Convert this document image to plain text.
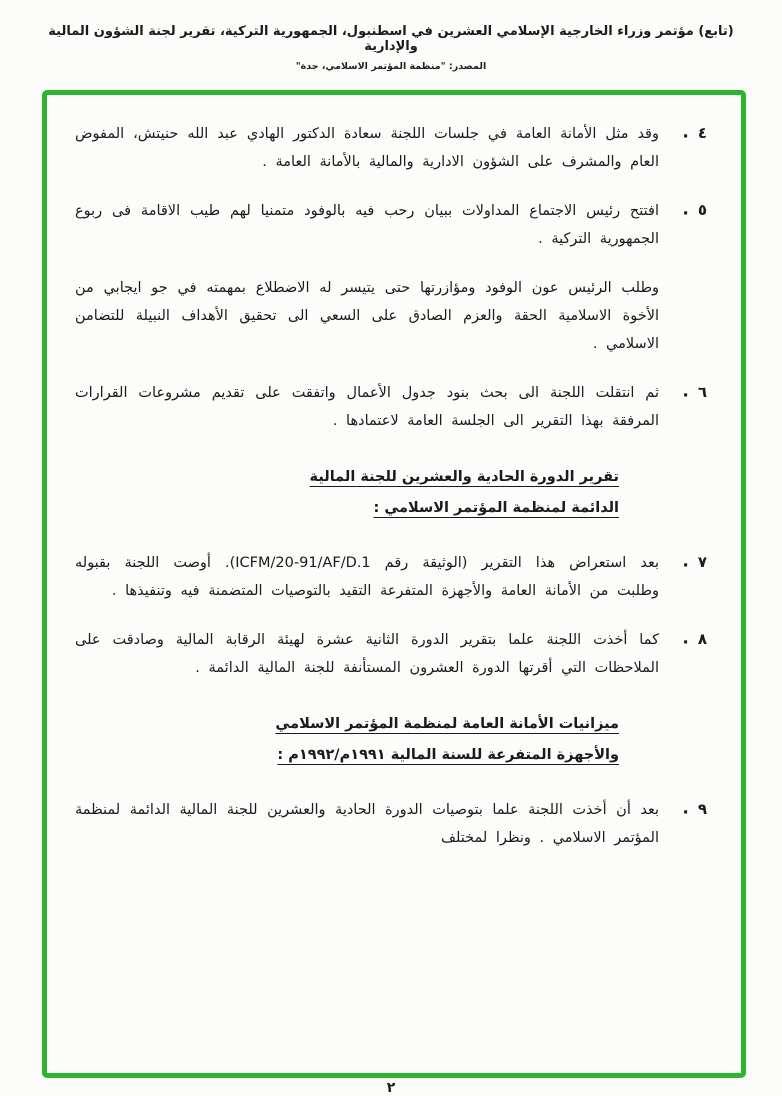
(تابع) مؤتمر وزراء الخارجية الإسلامي العشرين في اسطنبول، الجمهورية التركية، تقرير لجنة الشؤون المالية والإدارية
المصدر: "منظمة المؤتمر الاسلامي، جدة"
٤
·
وقد مثل الأمانة العامة في جلسات اللجنة سعادة الدكتور الهادي عبد الله حنيتش، المفوض العام والمشرف على الشؤون الادارية والمالية بالأمانة العامة .
٥
·
افتتح رئيس الاجتماع المداولات ببيان رحب فيه بالوفود متمنيا لهم طيب الاقامة فى ربوع الجمهورية التركية .
وطلب الرئيس عون الوفود ومؤازرتها حتى يتيسر له الاضطلاع بمهمته في جو ايجابي من الأخوة الاسلامية الحقة والعزم الصادق على السعي الى تحقيق الأهداف النبيلة للتضامن الاسلامي .
٦
·
ثم انتقلت اللجنة الى بحث بنود جدول الأعمال واتفقت على تقديم مشروعات القرارات المرفقة بهذا التقرير الى الجلسة العامة لاعتمادها .
تقرير الدورة الحادية والعشرين للجنة المالية
الدائمة لمنظمة المؤتمر الاسلامي :
٧
·
بعد استعراض هذا التقرير (الوثيقة رقم ICFM/20-91/AF/D.1). أوصت اللجنة بقبوله وطلبت من الأمانة العامة والأجهزة المتفرعة التقيد بالتوصيات المتضمنة فيه وتنفيذها .
٨
·
كما أخذت اللجنة علما بتقرير الدورة الثانية عشرة لهيئة الرقابة المالية وصادقت على الملاحظات التي أقرتها الدورة العشرون المستأنفة للجنة المالية الدائمة .
ميزانيات الأمانة العامة لمنظمة المؤتمر الاسلامي
والأجهزة المتفرعة للسنة المالية ١٩٩١م/١٩٩٢م :
٩
·
بعد أن أخذت اللجنة علما بتوصيات الدورة الحادية والعشرين للجنة المالية الدائمة لمنظمة المؤتمر الاسلامي . ونظرا لمختلف
٢
